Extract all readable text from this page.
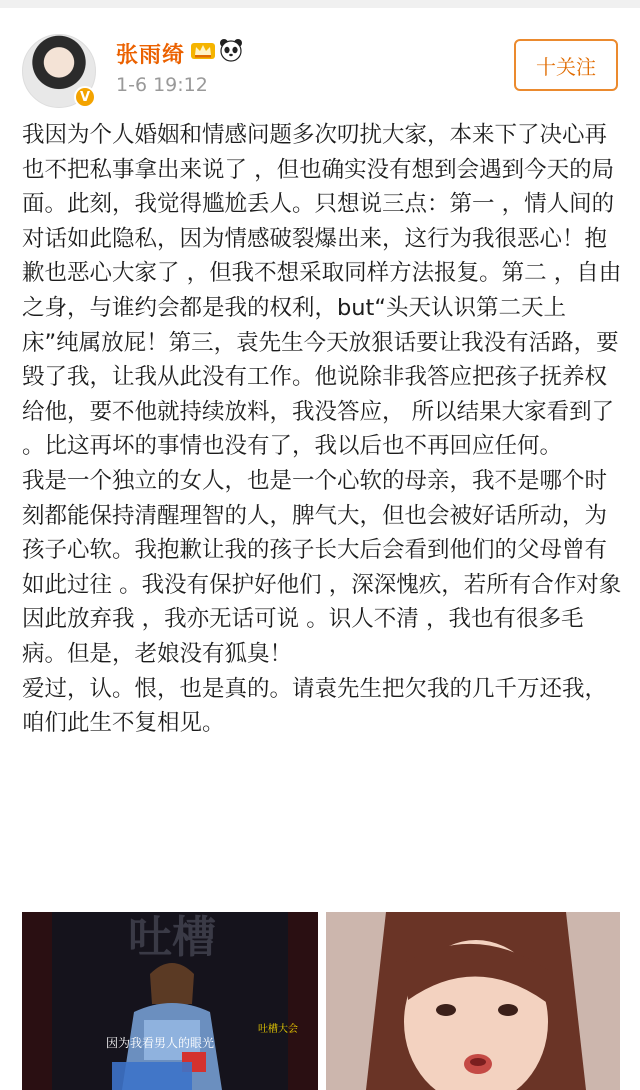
V
张雨绮
1-6 19:12
十关注

我因为个人婚姻和情感问题多次叨扰大家，本来下了决心再也不把私事拿出来说了 ，但也确实没有想到会遇到今天的局面。此刻，我觉得尴尬丢人。只想说三点：第一 ，情人间的对话如此隐私，因为情感破裂爆出来，这行为我很恶心！抱歉也恶心大家了 ，但我不想采取同样方法报复。第二 ，自由之身，与谁约会都是我的权利，but“头天认识第二天上床”纯属放屁！第三，袁先生今天放狠话要让我没有活路，要毁了我，让我从此没有工作。他说除非我答应把孩子抚养权给他，要不他就持续放料，我没答应， 所以结果大家看到了 。比这再坏的事情也没有了，我以后也不再回应任何。

我是一个独立的女人，也是一个心软的母亲，我不是哪个时刻都能保持清醒理智的人，脾气大，但也会被好话所动，为孩子心软。我抱歉让我的孩子长大后会看到他们的父母曾有如此过往 。我没有保护好他们 ，深深愧疚，若所有合作对象因此放弃我 ，我亦无话可说 。识人不清 ，我也有很多毛病。但是，老娘没有狐臭！

爱过，认。恨，也是真的。请袁先生把欠我的几千万还我，咱们此生不复相见。

吐槽
因为我看男人的眼光
吐槽大会
